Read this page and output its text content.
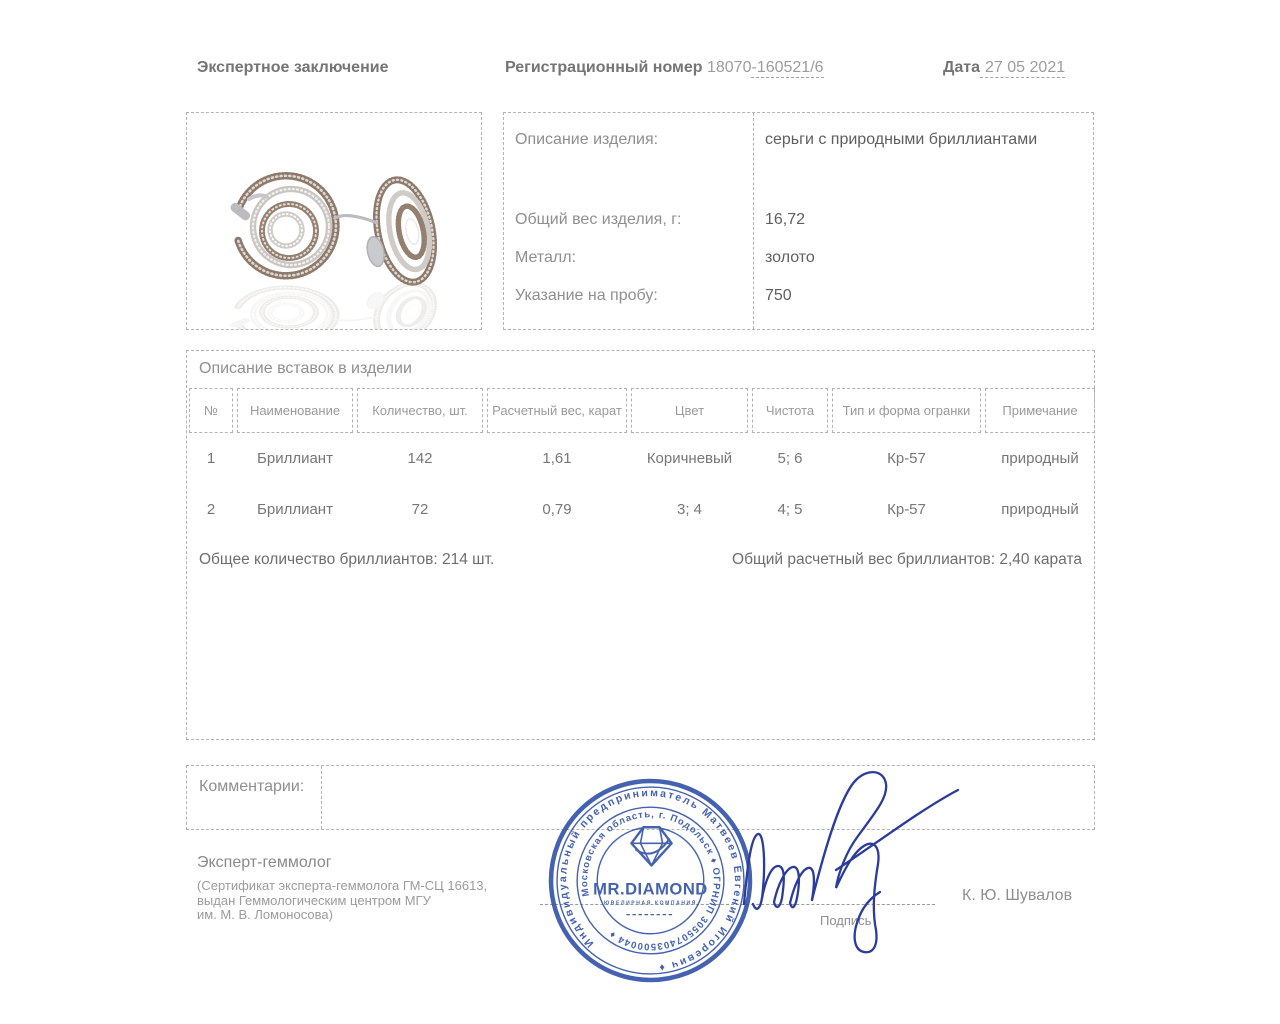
Экспертное заключение	Регистрационный номер 18070-160521/6	Дата 27 05 2021
Описание изделия:	серьги с природными бриллиантами
Общий вес изделия, г:	16,72
Металл:	золото
Указание на пробу:	750
Описание вставок в изделии
№	Наименование	Количество, шт.	Расчетный вес, карат	Цвет	Чистота	Тип и форма огранки	Примечание
1	Бриллиант	142	1,61	Коричневый	5; 6	Кр-57	природный
2	Бриллиант	72	0,79	3; 4	4; 5	Кр-57	природный
Общее количество бриллиантов: 214 шт.	Общий расчетный вес бриллиантов: 2,40 карата
Комментарии:
Эксперт-геммолог
(Сертификат эксперта-геммолога ГМ-СЦ 16613,
выдан Геммологическим центром МГУ
им. М. В. Ломоносова)	Подпись
К. Ю. Шувалов
Индивидуальный предприниматель Матвеев Евгений Игоревич ♦
Московская область, г. Подольск ♦ ОГРНИП 305507403500044 ♦
MR.DIAMOND
ЮВЕЛИРНАЯ КОМПАНИЯ
